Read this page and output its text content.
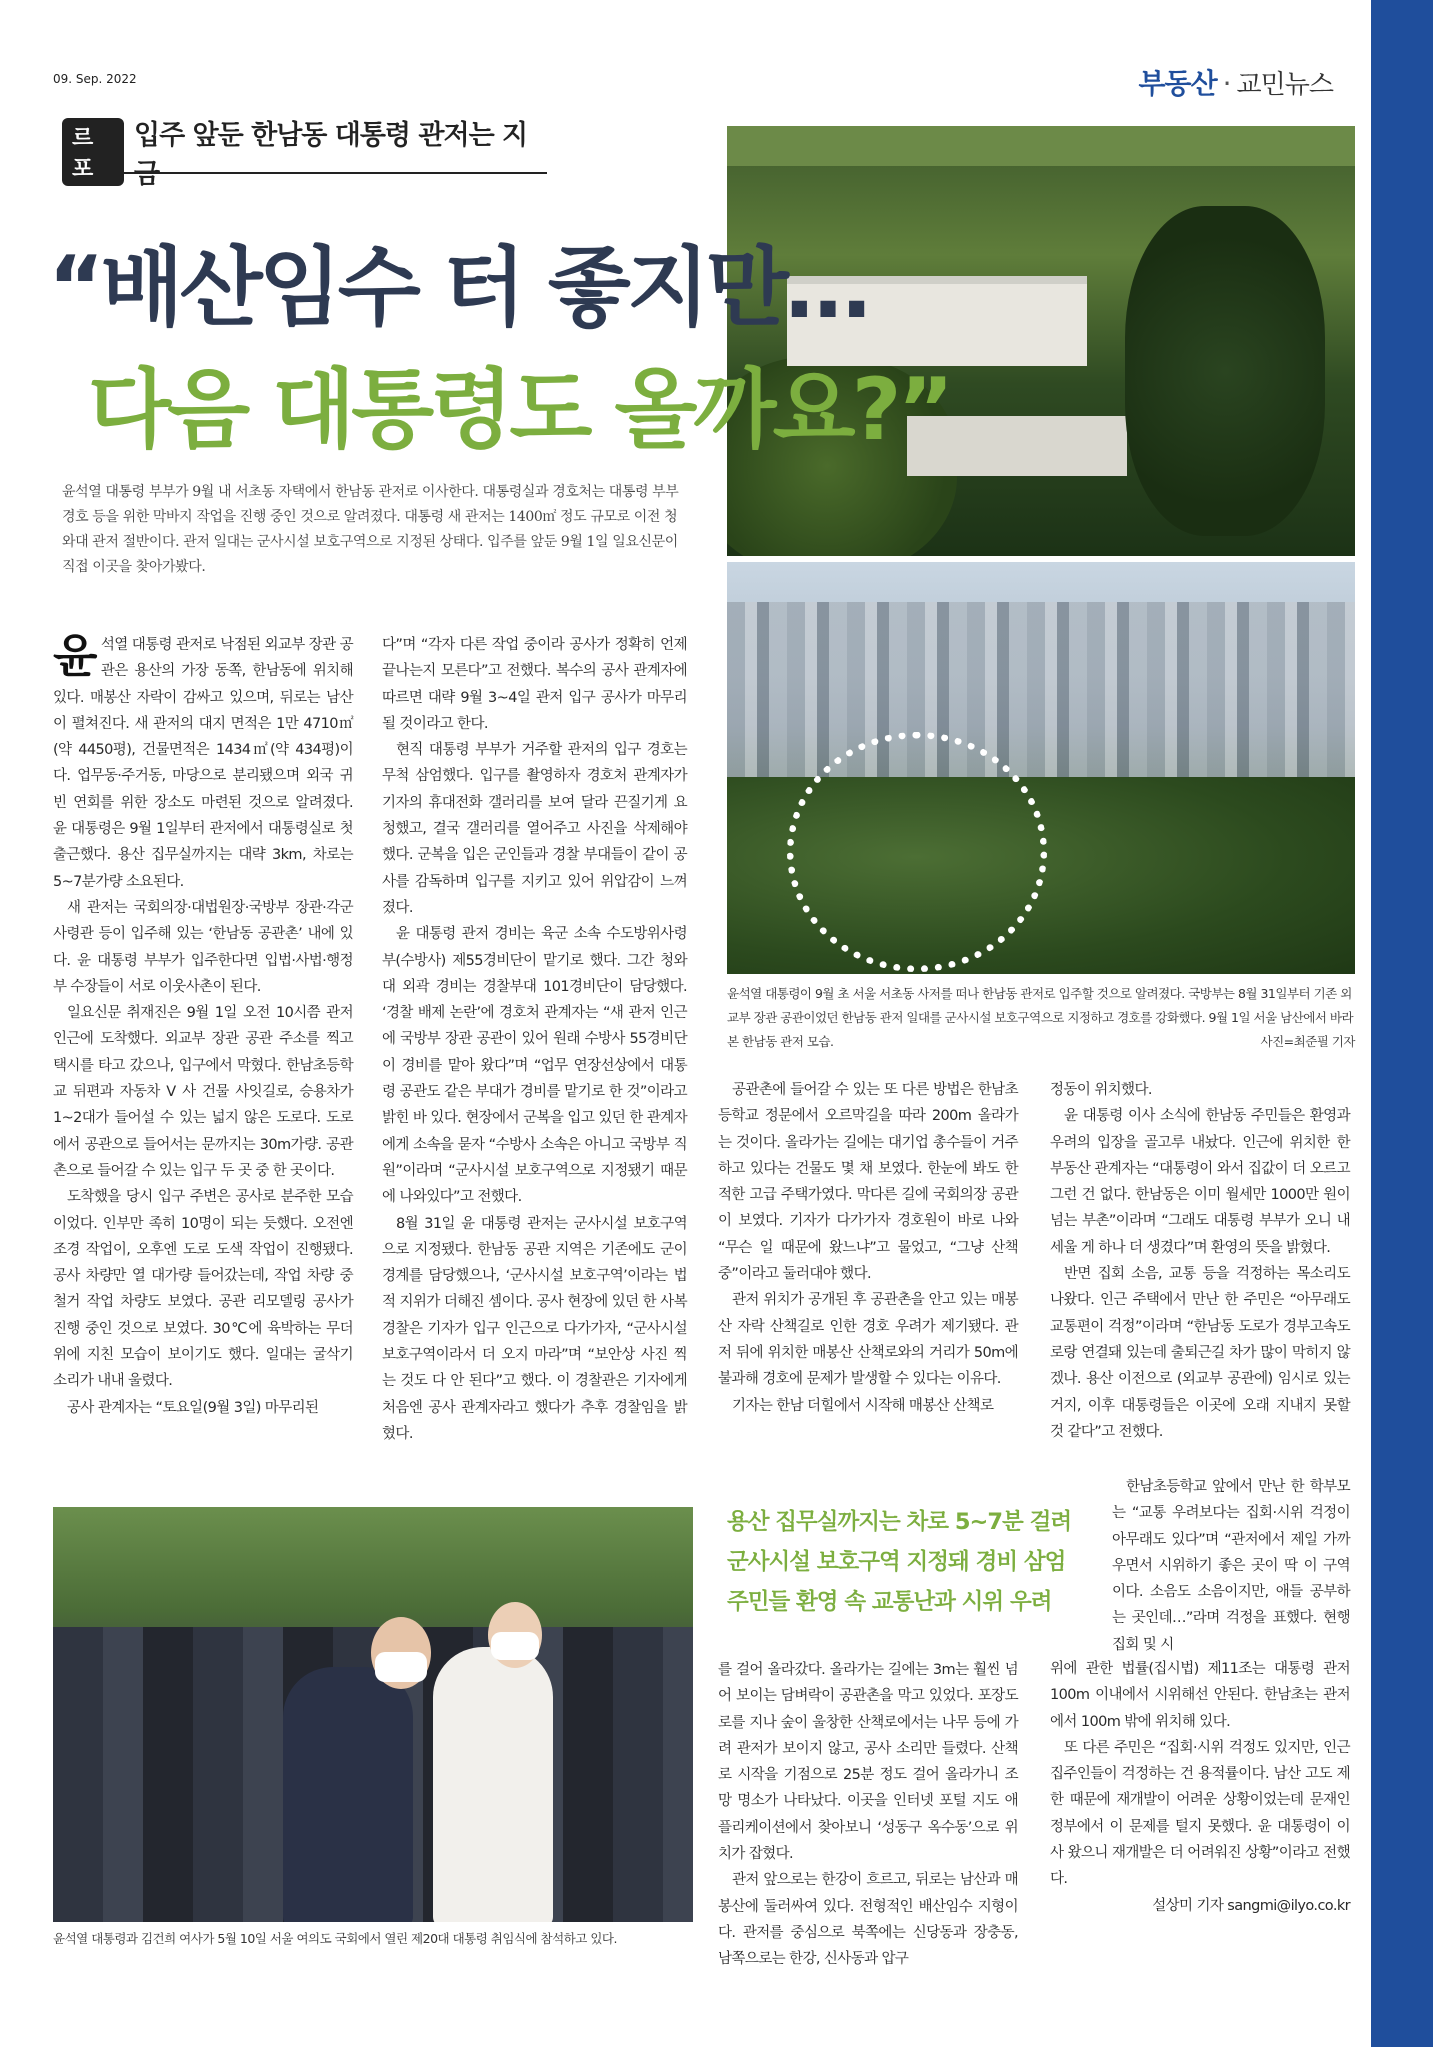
09. Sep. 2022	부동산 · 교민뉴스
르포
입주 앞둔 한남동 대통령 관저는 지금
“배산임수 터 좋지만…
다음 대통령도 올까요?”
윤석열 대통령 부부가 9월 내 서초동 자택에서 한남동 관저로 이사한다. 대통령실과 경호처는 대통령 부부 경호 등을 위한 막바지 작업을 진행 중인 것으로 알려졌다. 대통령 새 관저는 1400㎡ 정도 규모로 이전 청와대 관저 절반이다. 관저 일대는 군사시설 보호구역으로 지정된 상태다. 입주를 앞둔 9월 1일 일요신문이 직접 이곳을 찾아가봤다.
윤석열 대통령이 9월 초 서울 서초동 사저를 떠나 한남동 관저로 입주할 것으로 알려졌다. 국방부는 8월 31일부터 기존 외교부 장관 공관이었던 한남동 관저 일대를 군사시설 보호구역으로 지정하고 경호를 강화했다. 9월 1일 서울 남산에서 바라본 한남동 관저 모습.	사진=최준필 기자

윤석열 대통령 관저로 낙점된 외교부 장관 공관은 용산의 가장 동쪽, 한남동에 위치해 있다. 매봉산 자락이 감싸고 있으며, 뒤로는 남산이 펼쳐진다. 새 관저의 대지 면적은 1만 4710㎡(약 4450평), 건물면적은 1434㎡(약 434평)이다. 업무동·주거동, 마당으로 분리됐으며 외국 귀빈 연회를 위한 장소도 마련된 것으로 알려졌다. 윤 대통령은 9월 1일부터 관저에서 대통령실로 첫 출근했다. 용산 집무실까지는 대략 3km, 차로는 5~7분가량 소요된다.

새 관저는 국회의장·대법원장·국방부 장관·각군 사령관 등이 입주해 있는 ‘한남동 공관촌’ 내에 있다. 윤 대통령 부부가 입주한다면 입법·사법·행정부 수장들이 서로 이웃사촌이 된다.

일요신문 취재진은 9월 1일 오전 10시쯤 관저 인근에 도착했다. 외교부 장관 공관 주소를 찍고 택시를 타고 갔으나, 입구에서 막혔다. 한남초등학교 뒤편과 자동차 V 사 건물 사잇길로, 승용차가 1~2대가 들어설 수 있는 넓지 않은 도로다. 도로에서 공관으로 들어서는 문까지는 30m가량. 공관촌으로 들어갈 수 있는 입구 두 곳 중 한 곳이다.

도착했을 당시 입구 주변은 공사로 분주한 모습이었다. 인부만 족히 10명이 되는 듯했다. 오전엔 조경 작업이, 오후엔 도로 도색 작업이 진행됐다. 공사 차량만 열 대가량 들어갔는데, 작업 차량 중 철거 작업 차량도 보였다. 공관 리모델링 공사가 진행 중인 것으로 보였다. 30℃에 육박하는 무더위에 지친 모습이 보이기도 했다. 일대는 굴삭기 소리가 내내 울렸다.

공사 관계자는 “토요일(9월 3일) 마무리된

다”며 “각자 다른 작업 중이라 공사가 정확히 언제 끝나는지 모른다”고 전했다. 복수의 공사 관계자에 따르면 대략 9월 3~4일 관저 입구 공사가 마무리될 것이라고 한다.

현직 대통령 부부가 거주할 관저의 입구 경호는 무척 삼엄했다. 입구를 촬영하자 경호처 관계자가 기자의 휴대전화 갤러리를 보여 달라 끈질기게 요청했고, 결국 갤러리를 열어주고 사진을 삭제해야 했다. 군복을 입은 군인들과 경찰 부대들이 같이 공사를 감독하며 입구를 지키고 있어 위압감이 느껴졌다.

윤 대통령 관저 경비는 육군 소속 수도방위사령부(수방사) 제55경비단이 맡기로 했다. 그간 청와대 외곽 경비는 경찰부대 101경비단이 담당했다. ‘경찰 배제 논란’에 경호처 관계자는 “새 관저 인근에 국방부 장관 공관이 있어 원래 수방사 55경비단이 경비를 맡아 왔다”며 “업무 연장선상에서 대통령 공관도 같은 부대가 경비를 맡기로 한 것”이라고 밝힌 바 있다. 현장에서 군복을 입고 있던 한 관계자에게 소속을 묻자 “수방사 소속은 아니고 국방부 직원”이라며 “군사시설 보호구역으로 지정됐기 때문에 나와있다”고 전했다.

8월 31일 윤 대통령 관저는 군사시설 보호구역으로 지정됐다. 한남동 공관 지역은 기존에도 군이 경계를 담당했으나, ‘군사시설 보호구역’이라는 법적 지위가 더해진 셈이다. 공사 현장에 있던 한 사복 경찰은 기자가 입구 인근으로 다가가자, “군사시설 보호구역이라서 더 오지 마라”며 “보안상 사진 찍는 것도 다 안 된다”고 했다. 이 경찰관은 기자에게 처음엔 공사 관계자라고 했다가 추후 경찰임을 밝혔다.

공관촌에 들어갈 수 있는 또 다른 방법은 한남초등학교 정문에서 오르막길을 따라 200m 올라가는 것이다. 올라가는 길에는 대기업 총수들이 거주하고 있다는 건물도 몇 채 보였다. 한눈에 봐도 한적한 고급 주택가였다. 막다른 길에 국회의장 공관이 보였다. 기자가 다가가자 경호원이 바로 나와 “무슨 일 때문에 왔느냐”고 물었고, “그냥 산책 중”이라고 둘러대야 했다.

관저 위치가 공개된 후 공관촌을 안고 있는 매봉산 자락 산책길로 인한 경호 우려가 제기됐다. 관저 뒤에 위치한 매봉산 산책로와의 거리가 50m에 불과해 경호에 문제가 발생할 수 있다는 이유다.

기자는 한남 더힐에서 시작해 매봉산 산책로

정동이 위치했다.

윤 대통령 이사 소식에 한남동 주민들은 환영과 우려의 입장을 골고루 내놨다. 인근에 위치한 한 부동산 관계자는 “대통령이 와서 집값이 더 오르고 그런 건 없다. 한남동은 이미 월세만 1000만 원이 넘는 부촌”이라며 “그래도 대통령 부부가 오니 내세울 게 하나 더 생겼다”며 환영의 뜻을 밝혔다.

반면 집회 소음, 교통 등을 걱정하는 목소리도 나왔다. 인근 주택에서 만난 한 주민은 “아무래도 교통편이 걱정”이라며 “한남동 도로가 경부고속도로랑 연결돼 있는데 출퇴근길 차가 많이 막히지 않겠나. 용산 이전으로 (외교부 공관에) 임시로 있는 거지, 이후 대통령들은 이곳에 오래 지내지 못할 것 같다”고 전했다.

용산 집무실까지는 차로 5~7분 걸려
군사시설 보호구역 지정돼 경비 삼엄
주민들 환영 속 교통난과 시위 우려

한남초등학교 앞에서 만난 한 학부모는 “교통 우려보다는 집회·시위 걱정이 아무래도 있다”며 “관저에서 제일 가까우면서 시위하기 좋은 곳이 딱 이 구역이다. 소음도 소음이지만, 애들 공부하는 곳인데…”라며 걱정을 표했다. 현행 집회 및 시

를 걸어 올라갔다. 올라가는 길에는 3m는 훨씬 넘어 보이는 담벼락이 공관촌을 막고 있었다. 포장도로를 지나 숲이 울창한 산책로에서는 나무 등에 가려 관저가 보이지 않고, 공사 소리만 들렸다. 산책로 시작을 기점으로 25분 정도 걸어 올라가니 조망 명소가 나타났다. 이곳을 인터넷 포털 지도 애플리케이션에서 찾아보니 ‘성동구 옥수동’으로 위치가 잡혔다.

관저 앞으로는 한강이 흐르고, 뒤로는 남산과 매봉산에 둘러싸여 있다. 전형적인 배산임수 지형이다. 관저를 중심으로 북쪽에는 신당동과 장충동, 남쪽으로는 한강, 신사동과 압구

위에 관한 법률(집시법) 제11조는 대통령 관저 100m 이내에서 시위해선 안된다. 한남초는 관저에서 100m 밖에 위치해 있다.

또 다른 주민은 “집회·시위 걱정도 있지만, 인근 집주인들이 걱정하는 건 용적률이다. 남산 고도 제한 때문에 재개발이 어려운 상황이었는데 문재인 정부에서 이 문제를 털지 못했다. 윤 대통령이 이사 왔으니 재개발은 더 어려워진 상황”이라고 전했다.

설상미 기자 sangmi@ilyo.co.kr

윤석열 대통령과 김건희 여사가 5월 10일 서울 여의도 국회에서 열린 제20대 대통령 취임식에 참석하고 있다.
